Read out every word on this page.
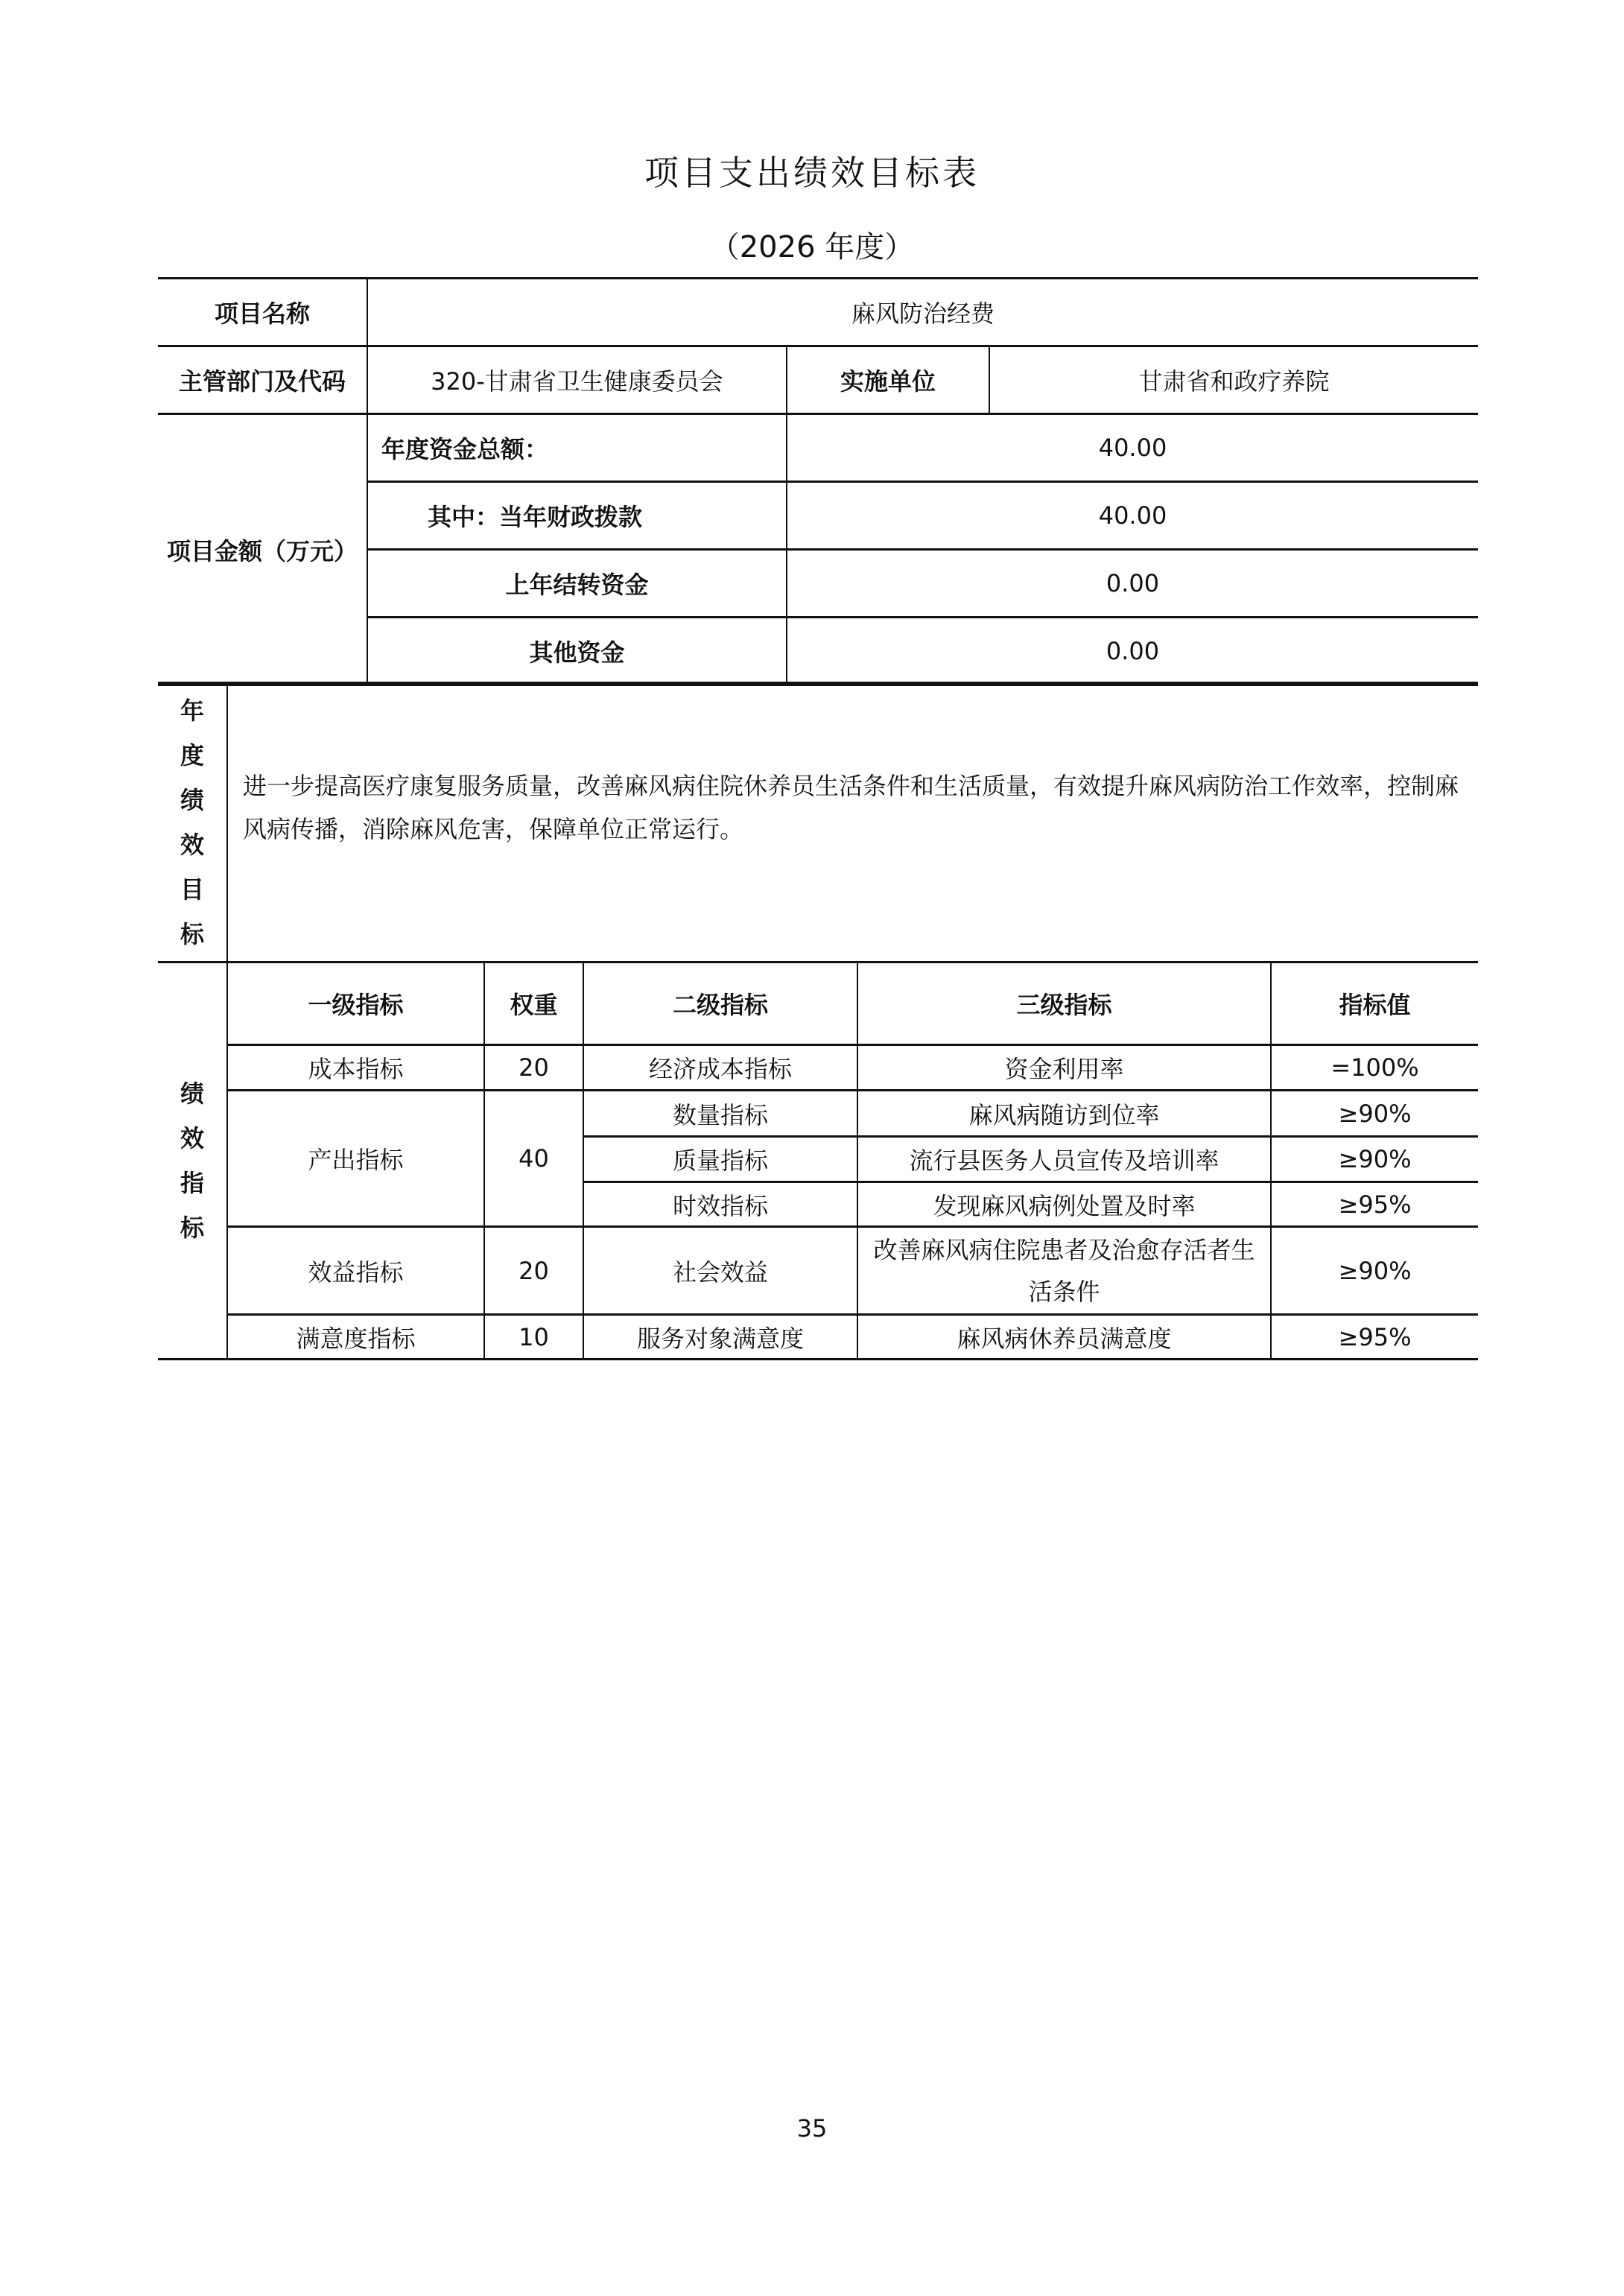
项目支出绩效目标表
（2026 年度）
项目名称	麻风防治经费		
主管部门及代码	320-甘肃省卫生健康委员会	实施单位	甘肃省和政疗养院
项目金额（万元）	年度资金总额：	40.00	
	其中：当年财政拨款	40.00	
	上年结转资金	0.00	
	其他资金	0.00	
年度绩效目标	进一步提高医疗康复服务质量，改善麻风病住院休养员生活条件和生活质量，有效提升麻风病防治工作效率，控制麻风病传播，消除麻风危害，保障单位正常运行。				
绩效指标	一级指标	权重	二级指标	三级指标	指标值
	成本指标	20	经济成本指标	资金利用率	=100%
	产出指标	40	数量指标	麻风病随访到位率	≥90%
			质量指标	流行县医务人员宣传及培训率	≥90%
			时效指标	发现麻风病例处置及时率	≥95%
	效益指标	20	社会效益	改善麻风病住院患者及治愈存活者生活条件	≥90%
	满意度指标	10	服务对象满意度	麻风病休养员满意度	≥95%
35
